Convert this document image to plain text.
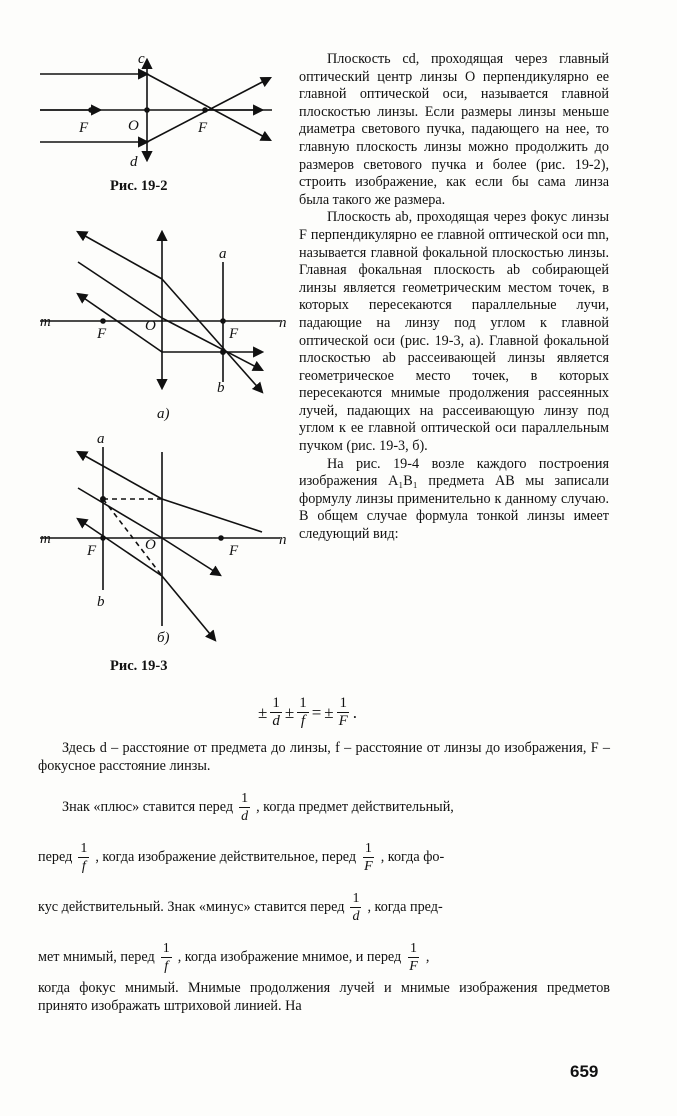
c
d
F	O	F
a
m
F	O	F
n
b
а)
a
m
F	O	F
n
b
б)
Рис. 19-2
Рис. 19-3

Плоскость cd, проходящая через главный оптический центр линзы O перпендикулярно ее главной оптической оси, называется главной плоскостью линзы. Если размеры линзы меньше диаметра светового пучка, падающего на нее, то главную плоскость линзы можно продолжить до размеров светового пучка и более (рис. 19-2), строить изображение, как если бы сама линза была такого же размера.

Плоскость ab, проходящая через фокус линзы F перпендикулярно ее главной оптической оси mn, называется главной фокальной плоскостью линзы. Главная фокальная плоскость ab собирающей линзы является геометрическим местом точек, в которых пересекаются параллельные лучи, падающие на линзу под углом к главной оптической оси (рис. 19-3, а). Главной фокальной плоскостью ab рассеивающей линзы является геометрическое место точек, в которых пересекаются мнимые продолжения рассеянных лучей, падающих на рассеивающую линзу под углом к ее главной оптической оси параллельным пучком (рис. 19-3, б).

На рис. 19-4 возле каждого построения изображения A₁B₁ предмета AB мы записали формулу линзы применительно к данному случаю. В общем случае формула тонкой линзы имеет следующий вид:

± $\frac{1}{d} \pm \frac{1}{f}$ = ± $\frac{1}{F}$ .

Здесь d – расстояние от предмета до линзы, f – расстояние от линзы до изображения, F – фокусное расстояние линзы.

Знак «плюс» ставится перед $\frac{1}{d}$ , когда предмет действительный,
перед $\frac{1}{f}$ , когда изображение действительное, перед $\frac{1}{F}$ , когда фо-
кус действительный. Знак «минус» ставится перед $\frac{1}{d}$ , когда пред-
мет мнимый, перед $\frac{1}{f}$ , когда изображение мнимое, и перед $\frac{1}{F}$ ,
когда фокус мнимый. Мнимые продолжения лучей и мнимые изображения предметов принято изображать штриховой линией. На
659
